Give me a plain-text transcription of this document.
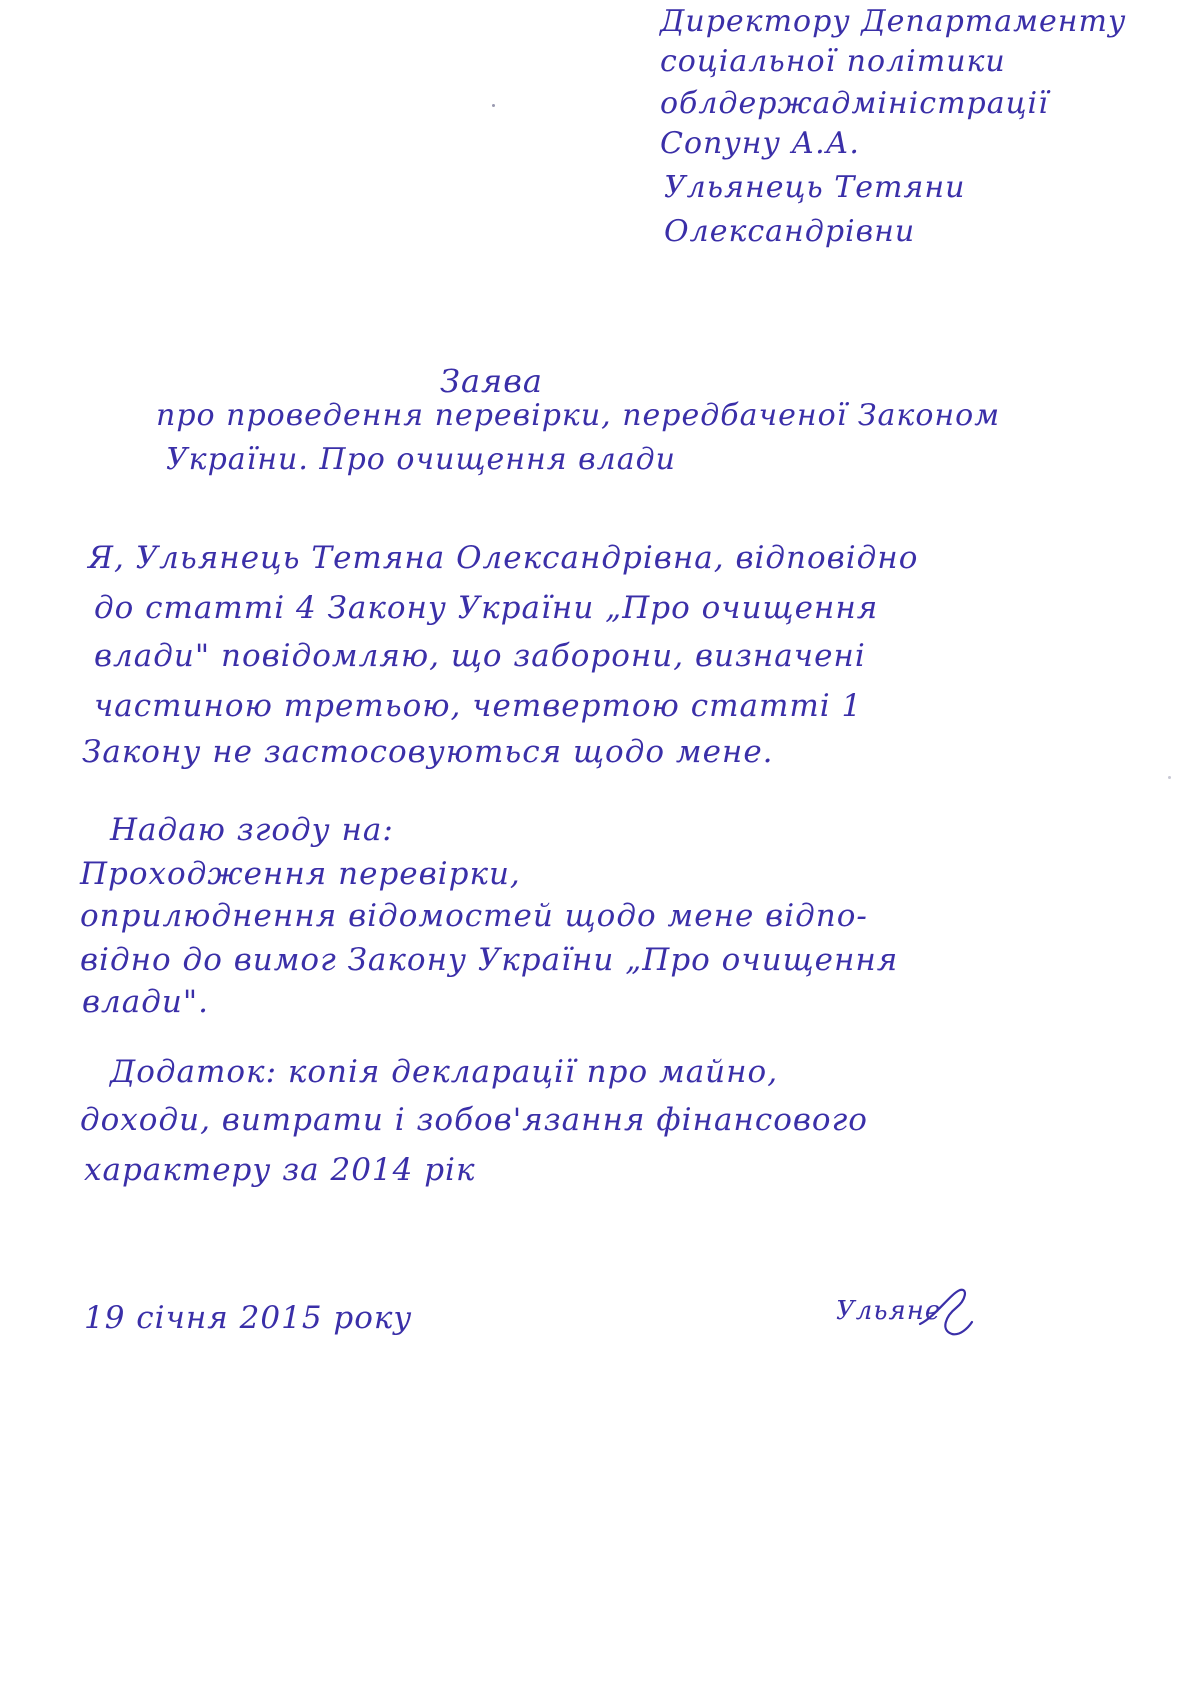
Директору Департаменту
соціальної політики
облдержадміністрації
Сопуну А.А.
Ульянець Тетяни
Олександрівни
Заява
про проведення перевірки, передбаченої Законом
України. Про очищення влади
Я, Ульянець Тетяна Олександрівна, відповідно
до статті 4 Закону України „Про очищення
влади" повідомляю, що заборони, визначені
частиною третьою, четвертою статті 1
Закону не застосовуються щодо мене.
Надаю згоду на:
Проходження перевірки,
оприлюднення відомостей щодо мене відпо-
відно до вимог Закону України „Про очищення
влади".
Додаток: копія декларації про майно,
доходи, витрати і зобов'язання фінансового
характеру за 2014 рік
19 січня 2015 року	Ульяне
